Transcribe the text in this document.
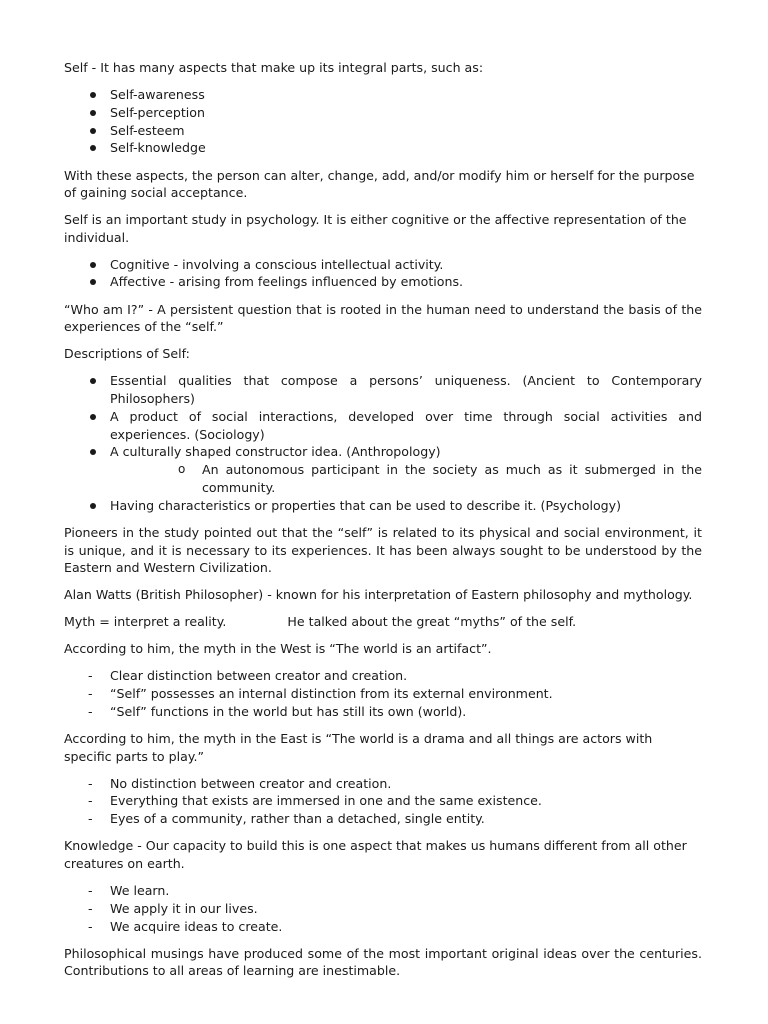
Self - It has many aspects that make up its integral parts, such as:

Self-awareness
Self-perception
Self-esteem
Self-knowledge

With these aspects, the person can alter, change, add, and/or modify him or herself for the purpose of gaining social acceptance.

Self is an important study in psychology. It is either cognitive or the affective representation of the individual.

Cognitive - involving a conscious intellectual activity.
Affective - arising from feelings influenced by emotions.

“Who am I?” - A persistent question that is rooted in the human need to understand the basis of the experiences of the “self.”

Descriptions of Self:

Essential qualities that compose a persons’ uniqueness. (Ancient to Contemporary Philosophers)
A product of social interactions, developed over time through social activities and experiences. (Sociology)
A culturally shaped constructor idea. (Anthropology)
o	An autonomous participant in the society as much as it submerged in the community.
Having characteristics or properties that can be used to describe it. (Psychology)

Pioneers in the study pointed out that the “self” is related to its physical and social environment, it is unique, and it is necessary to its experiences. It has been always sought to be understood by the Eastern and Western Civilization.

Alan Watts (British Philosopher) - known for his interpretation of Eastern philosophy and mythology.

Myth = interpret a reality.	He talked about the great “myths” of the self.

According to him, the myth in the West is “The world is an artifact”.

Clear distinction between creator and creation.
“Self” possesses an internal distinction from its external environment.
“Self” functions in the world but has still its own (world).

According to him, the myth in the East is “The world is a drama and all things are actors with specific parts to play.”

No distinction between creator and creation.
Everything that exists are immersed in one and the same existence.
Eyes of a community, rather than a detached, single entity.

Knowledge - Our capacity to build this is one aspect that makes us humans different from all other creatures on earth.

We learn.
We apply it in our lives.
We acquire ideas to create.

Philosophical musings have produced some of the most important original ideas over the centuries. Contributions to all areas of learning are inestimable.
